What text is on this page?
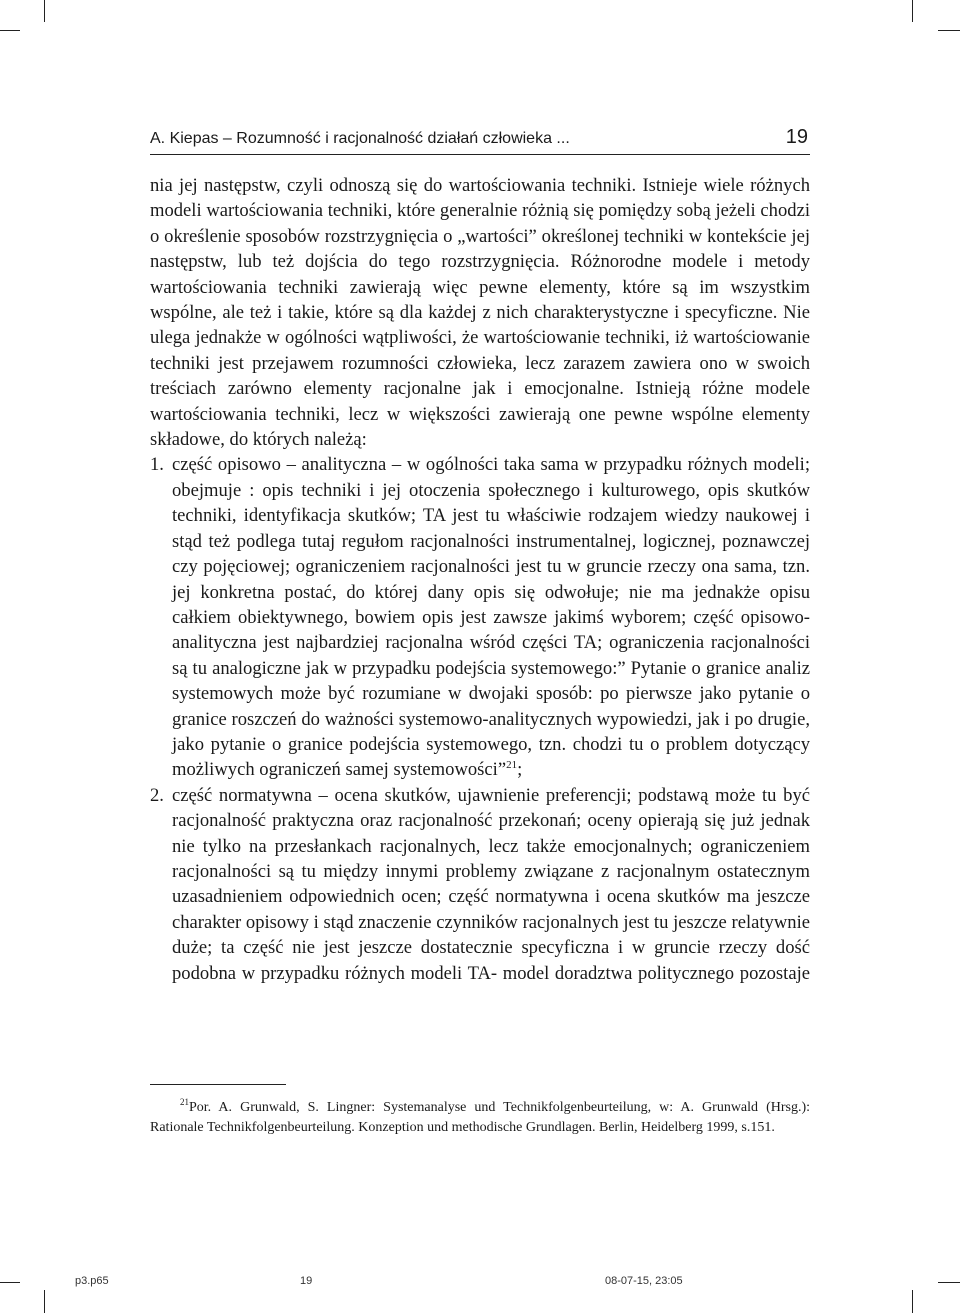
A. Kiepas – Rozumność i racjonalność działań człowieka ...	19

nia jej następstw, czyli odnoszą się do wartościowania techniki. Istnieje wiele różnych modeli wartościowania techniki, które generalnie różnią się pomiędzy sobą jeżeli chodzi o określenie sposobów rozstrzygnięcia o „wartości” określonej techniki w kontekście jej następstw, lub też dojścia do tego rozstrzygnięcia. Różnorodne modele i metody wartościowania techniki zawierają więc pewne elementy, które są im wszystkim wspólne, ale też i takie, które są dla każdej z nich charakterystyczne i specyficzne. Nie ulega jednakże w ogólności wątpliwości, że wartościowanie techniki, iż wartościowanie techniki jest przejawem rozumności człowieka, lecz zarazem zawiera ono w swoich treściach zarówno elementy racjonalne jak i emocjonalne. Istnieją różne modele wartościowania techniki, lecz w większości zawierają one pewne wspólne elementy składowe, do których należą:

1. część opisowo – analityczna – w ogólności taka sama w przypadku różnych modeli; obejmuje : opis techniki i jej otoczenia społecznego i kulturowego, opis skutków techniki, identyfikacja skutków; TA jest tu właściwie rodzajem wiedzy naukowej i stąd też podlega tutaj regułom racjonalności instrumentalnej, logicznej, poznawczej czy pojęciowej; ograniczeniem racjonalności jest tu w gruncie rzeczy ona sama, tzn. jej konkretna postać, do której dany opis się odwołuje; nie ma jednakże opisu całkiem obiektywnego, bowiem opis jest zawsze jakimś wyborem; część opisowo-analityczna jest najbardziej racjonalna wśród części TA; ograniczenia racjonalności są tu analogiczne jak w przypadku podejścia systemowego:” Pytanie o granice analiz systemowych może być rozumiane w dwojaki sposób: po pierwsze jako pytanie o granice roszczeń do ważności systemowo-analitycznych wypowiedzi, jak i po drugie, jako pytanie o granice podejścia systemowego, tzn. chodzi tu o problem dotyczący możliwych ograniczeń samej systemowości”$^{21}$;
2. część normatywna – ocena skutków, ujawnienie preferencji; podstawą może tu być racjonalność praktyczna oraz racjonalność przekonań; oceny opierają się już jednak nie tylko na przesłankach racjonalnych, lecz także emocjonalnych; ograniczeniem racjonalności są tu między innymi problemy związane z racjonalnym ostatecznym uzasadnieniem odpowiednich ocen; część normatywna i ocena skutków ma jeszcze charakter opisowy i stąd znaczenie czynników racjonalnych jest tu jeszcze relatywnie duże; ta część nie jest jeszcze dostatecznie specyficzna i w gruncie rzeczy dość podobna w przypadku różnych modeli TA- model doradztwa politycznego pozostaje
$^{21}$Por. A. Grunwald, S. Lingner: Systemanalyse und Technikfolgenbeurteilung, w: A. Grunwald (Hrsg.): Rationale Technikfolgenbeurteilung. Konzeption und methodische Grundlagen. Berlin, Heidelberg 1999, s.151.
p3.p65	19	08-07-15, 23:05
